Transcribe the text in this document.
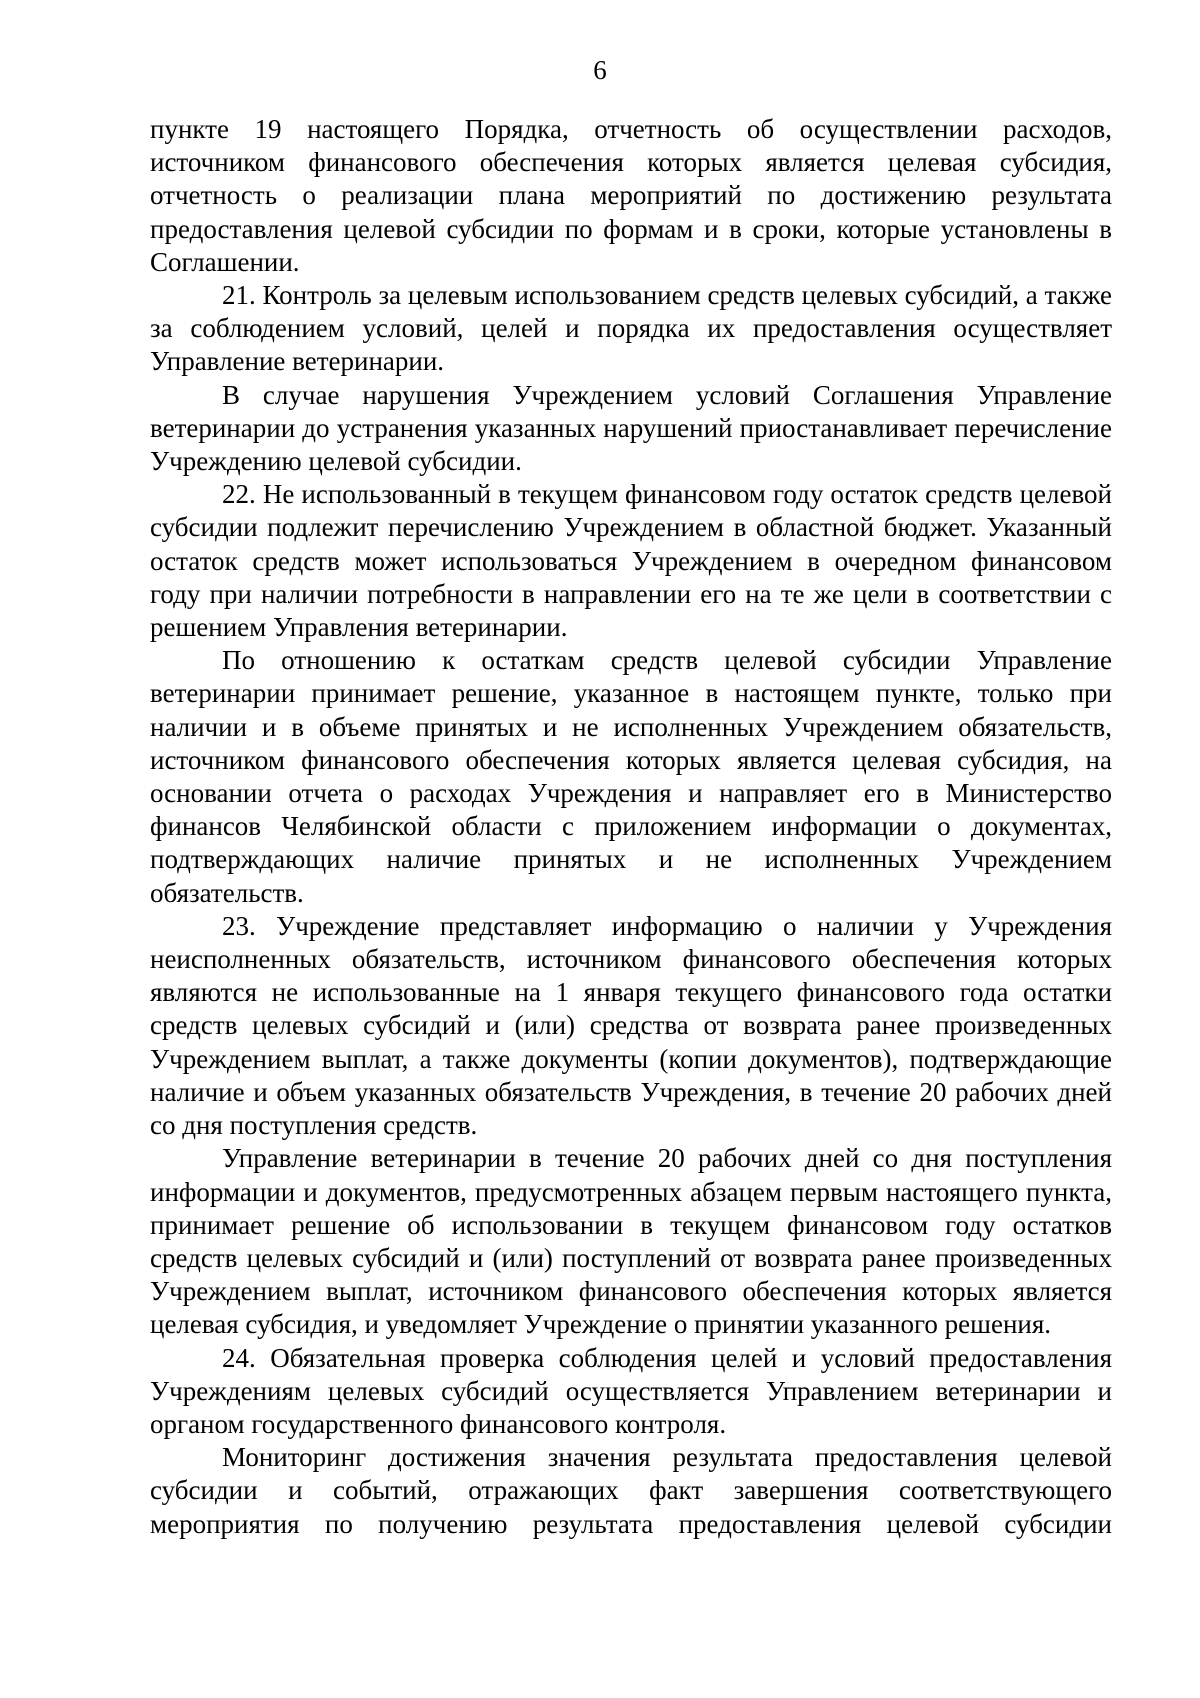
6

пункте 19 настоящего Порядка, отчетность об осуществлении расходов, источником финансового обеспечения которых является целевая субсидия, отчетность о реализации плана мероприятий по достижению результата предоставления целевой субсидии по формам и в сроки, которые установлены в Соглашении.

21. Контроль за целевым использованием средств целевых субсидий, а также за соблюдением условий, целей и порядка их предоставления осуществляет Управление ветеринарии.

В случае нарушения Учреждением условий Соглашения Управление ветеринарии до устранения указанных нарушений приостанавливает перечисление Учреждению целевой субсидии.

22. Не использованный в текущем финансовом году остаток средств целевой субсидии подлежит перечислению Учреждением в областной бюджет. Указанный остаток средств может использоваться Учреждением в очередном финансовом году при наличии потребности в направлении его на те же цели в соответствии с решением Управления ветеринарии.

По отношению к остаткам средств целевой субсидии Управление ветеринарии принимает решение, указанное в настоящем пункте, только при наличии и в объеме принятых и не исполненных Учреждением обязательств, источником финансового обеспечения которых является целевая субсидия, на основании отчета о расходах Учреждения и направляет его в Министерство финансов Челябинской области с приложением информации о документах, подтверждающих наличие принятых и не исполненных Учреждением обязательств.

23. Учреждение представляет информацию о наличии у Учреждения неисполненных обязательств, источником финансового обеспечения которых являются не использованные на 1 января текущего финансового года остатки средств целевых субсидий и (или) средства от возврата ранее произведенных Учреждением выплат, а также документы (копии документов), подтверждающие наличие и объем указанных обязательств Учреждения, в течение 20 рабочих дней со дня поступления средств.

Управление ветеринарии в течение 20 рабочих дней со дня поступления информации и документов, предусмотренных абзацем первым настоящего пункта, принимает решение об использовании в текущем финансовом году остатков средств целевых субсидий и (или) поступлений от возврата ранее произведенных Учреждением выплат, источником финансового обеспечения которых является целевая субсидия, и уведомляет Учреждение о принятии указанного решения.

24. Обязательная проверка соблюдения целей и условий предоставления Учреждениям целевых субсидий осуществляется Управлением ветеринарии и органом государственного финансового контроля.

Мониторинг достижения значения результата предоставления целевой субсидии и событий, отражающих факт завершения соответствующего мероприятия по получению результата предоставления целевой субсидии
